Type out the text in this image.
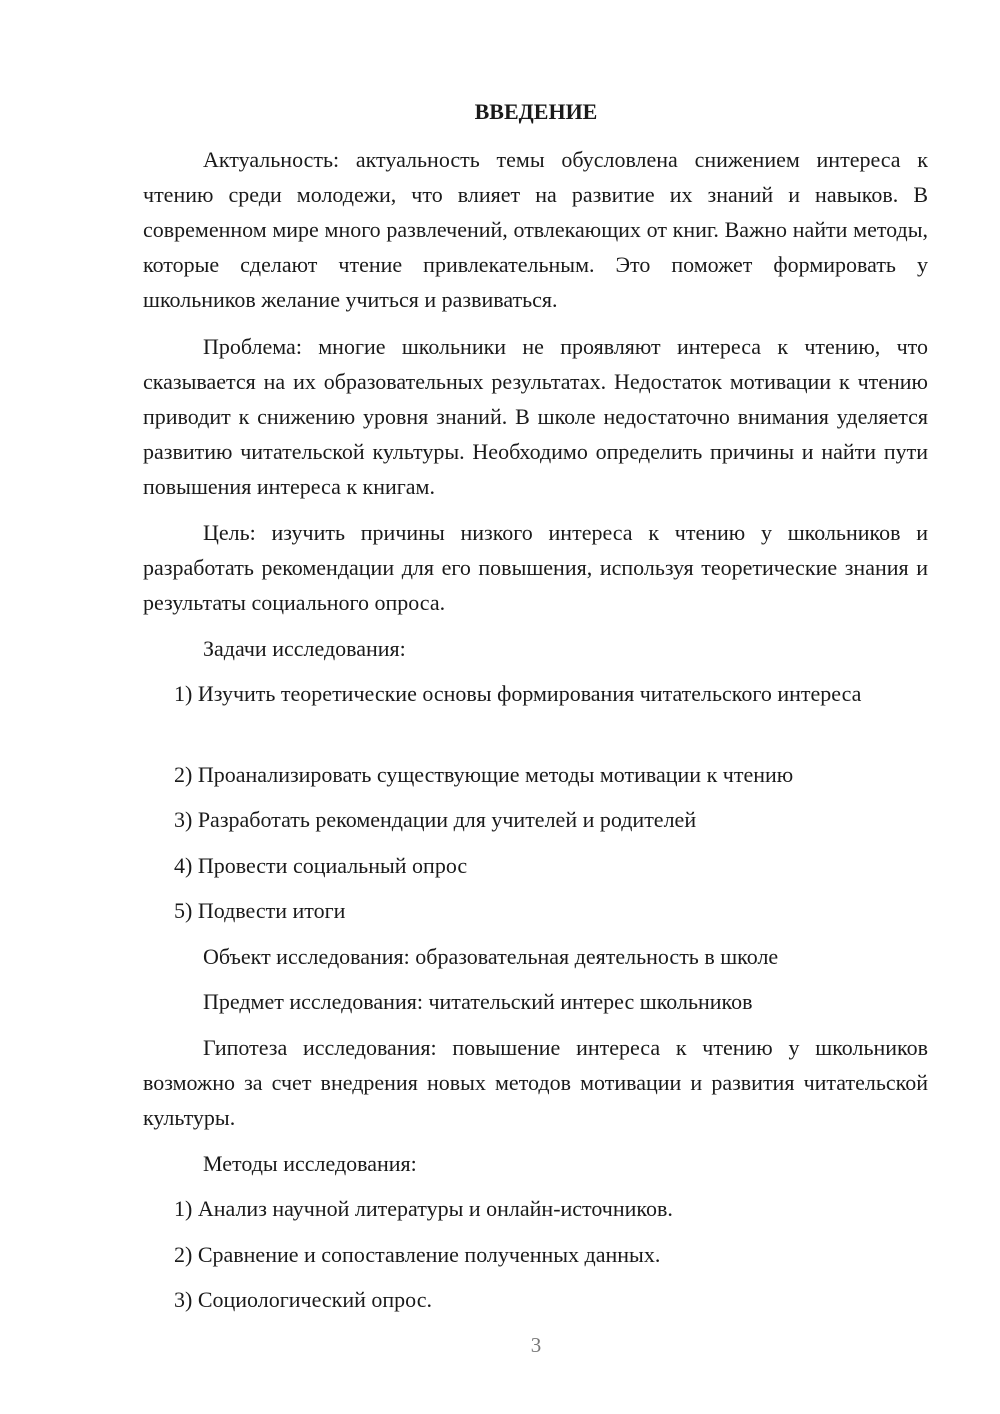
ВВЕДЕНИЕ

Актуальность: актуальность темы обусловлена снижением интереса к чтению среди молодежи, что влияет на развитие их знаний и навыков. В современном мире много развлечений, отвлекающих от книг. Важно найти методы, которые сделают чтение привлекательным. Это поможет формировать у школьников желание учиться и развиваться.

Проблема: многие школьники не проявляют интереса к чтению, что сказывается на их образовательных результатах. Недостаток мотивации к чтению приводит к снижению уровня знаний. В школе недостаточно внимания уделяется развитию читательской культуры. Необходимо определить причины и найти пути повышения интереса к книгам.

Цель: изучить причины низкого интереса к чтению у школьников и разработать рекомендации для его повышения, используя теоретические знания и результаты социального опроса.

Задачи исследования:

1) Изучить теоретические основы формирования читательского интереса

2) Проанализировать существующие методы мотивации к чтению

3) Разработать рекомендации для учителей и родителей

4) Провести социальный опрос

5) Подвести итоги

Объект исследования: образовательная деятельность в школе

Предмет исследования: читательский интерес школьников

Гипотеза исследования: повышение интереса к чтению у школьников возможно за счет внедрения новых методов мотивации и развития читательской культуры.

Методы исследования:

1) Анализ научной литературы и онлайн-источников.

2) Сравнение и сопоставление полученных данных.

3) Социологический опрос.

3
